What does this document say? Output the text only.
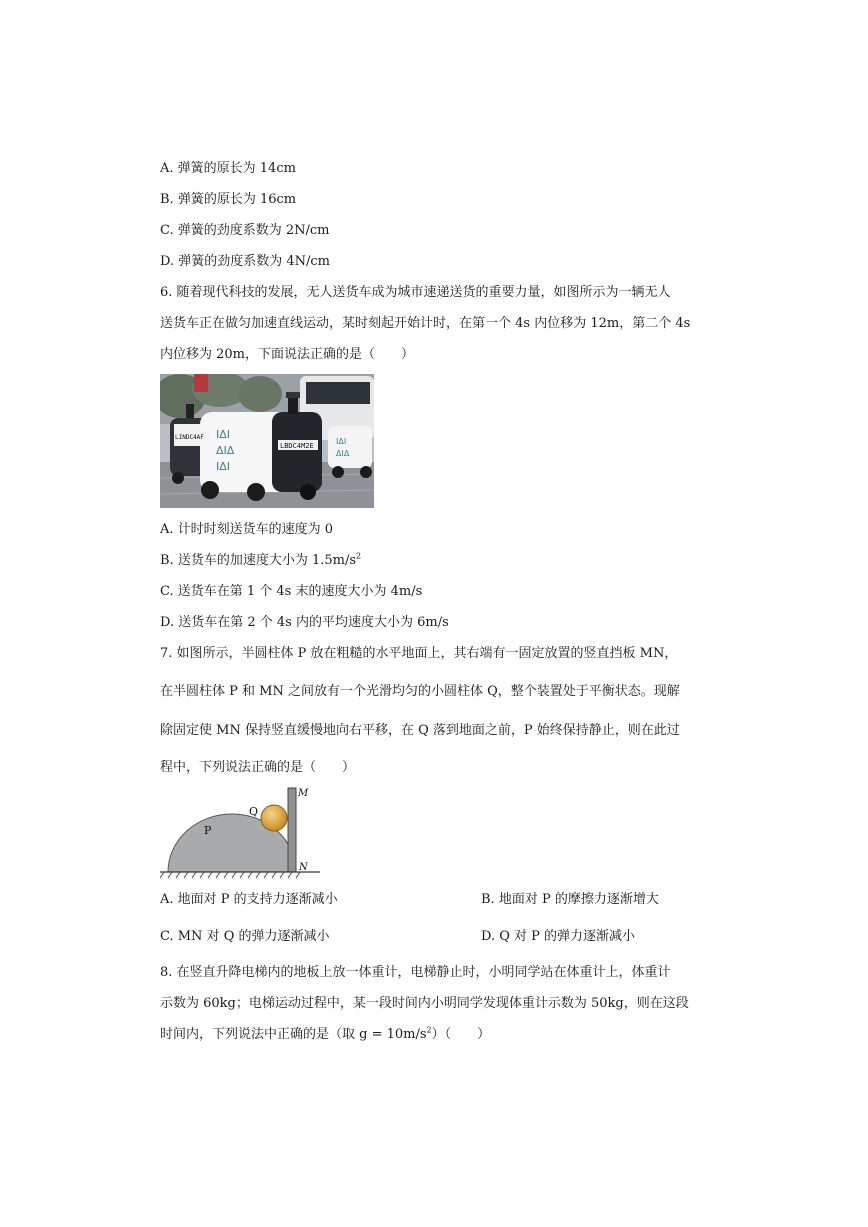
A. 弹簧的原长为 14cm
B. 弹簧的原长为 16cm
C. 弹簧的劲度系数为 2N/cm
D. 弹簧的劲度系数为 4N/cm
6. 随着现代科技的发展，无人送货车成为城市速递送货的重要力量，如图所示为一辆无人
送货车正在做匀加速直线运动，某时刻起开始计时，在第一个 4s 内位移为 12m，第二个 4s
内位移为 20m，下面说法正确的是（　　）
ΙΔΙ
ΔΙΔ
LBDC4M2E
ΙΔΙ
ΔΙΔ
ΙΔΙ
LINDC4AF
A. 计时时刻送货车的速度为 0
B. 送货车的加速度大小为 $1.5m/s^2$
C. 送货车在第 1 个 4s 末的速度大小为 4m/s
D. 送货车在第 2 个 4s 内的平均速度大小为 6m/s
7. 如图所示，半圆柱体 P 放在粗糙的水平地面上，其右端有一固定放置的竖直挡板 MN，
在半圆柱体 P 和 MN 之间放有一个光滑均匀的小圆柱体 Q，整个装置处于平衡状态。现解
除固定使 MN 保持竖直缓慢地向右平移，在 Q 落到地面之前，P 始终保持静止，则在此过
程中，下列说法正确的是（　　）
P
Q
M
N
A. 地面对 P 的支持力逐渐减小	B. 地面对 P 的摩擦力逐渐增大
C. MN 对 Q 的弹力逐渐减小	D. Q 对 P 的弹力逐渐减小
8. 在竖直升降电梯内的地板上放一体重计，电梯静止时，小明同学站在体重计上，体重计
示数为 60kg；电梯运动过程中，某一段时间内小明同学发现体重计示数为 50kg，则在这段
时间内，下列说法中正确的是（取 $g = 10m/s^2$）（　　）
